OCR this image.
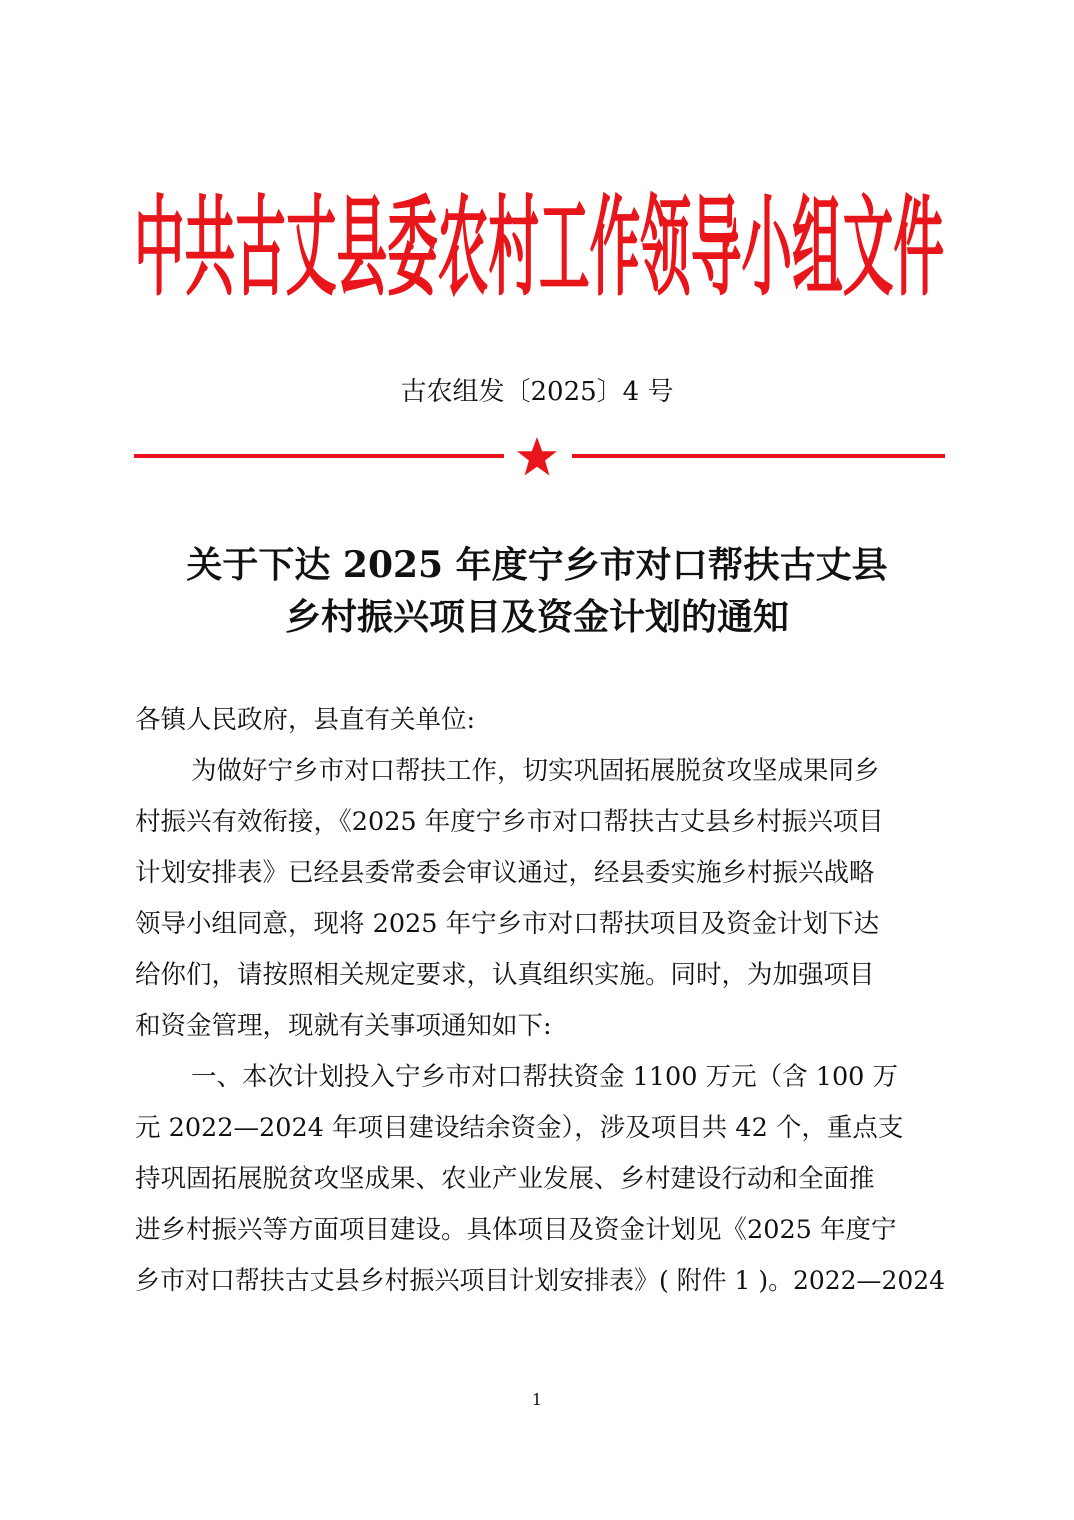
中共古丈县委农村工作领导小组文件
古农组发〔2025〕4 号
关于下达 2025 年度宁乡市对口帮扶古丈县
乡村振兴项目及资金计划的通知
各镇人民政府，县直有关单位:
为做好宁乡市对口帮扶工作，切实巩固拓展脱贫攻坚成果同乡
村振兴有效衔接，《2025 年度宁乡市对口帮扶古丈县乡村振兴项目
计划安排表》已经县委常委会审议通过，经县委实施乡村振兴战略
领导小组同意，现将 2025 年宁乡市对口帮扶项目及资金计划下达
给你们，请按照相关规定要求，认真组织实施。同时，为加强项目
和资金管理，现就有关事项通知如下:
一、本次计划投入宁乡市对口帮扶资金 1100 万元（含 100 万
元 2022—2024 年项目建设结余资金），涉及项目共 42 个，重点支
持巩固拓展脱贫攻坚成果、农业产业发展、乡村建设行动和全面推
进乡村振兴等方面项目建设。具体项目及资金计划见《2025 年度宁
乡市对口帮扶古丈县乡村振兴项目计划安排表》( 附件 1 )。2022—2024
1
